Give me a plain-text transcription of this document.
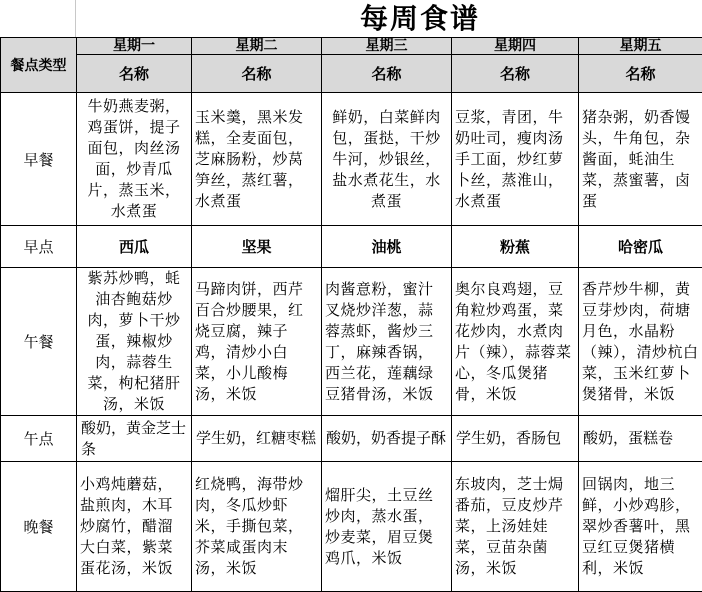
每周食谱
餐点类型	星期一	星期二	星期三	星期四	星期五
	名称	名称	名称	名称	名称
早餐	牛奶燕麦粥，鸡蛋饼，提子面包，肉丝汤面，炒青瓜片，蒸玉米，水煮蛋	玉米羹，黑米发糕，全麦面包，芝麻肠粉，炒莴笋丝，蒸红薯，水煮蛋	鲜奶，白菜鲜肉包，蛋挞，干炒牛河，炒银丝，盐水煮花生，水煮蛋	豆浆，青团，牛奶吐司，瘦肉汤手工面，炒红萝卜丝，蒸淮山，水煮蛋	猪杂粥，奶香馒头，牛角包，杂酱面，蚝油生菜，蒸蜜薯，卤蛋
早点	西瓜	坚果	油桃	粉蕉	哈密瓜
午餐	紫苏炒鸭，蚝油杏鲍菇炒肉，萝卜干炒蛋，辣椒炒肉，蒜蓉生菜，枸杞猪肝汤，米饭	马蹄肉饼，西芹百合炒腰果，红烧豆腐，辣子鸡，清炒小白菜，小儿酸梅汤，米饭	肉酱意粉，蜜汁叉烧炒洋葱，蒜蓉蒸虾，酱炒三丁，麻辣香锅，西兰花，莲藕绿豆猪骨汤，米饭	奥尔良鸡翅，豆角粒炒鸡蛋，菜花炒肉，水煮肉片（辣），蒜蓉菜心，冬瓜煲猪骨，米饭	香芹炒牛柳，黄豆芽炒肉，荷塘月色，水晶粉（辣），清炒杭白菜，玉米红萝卜煲猪骨，米饭
午点	酸奶，黄金芝士条	学生奶，红糖枣糕	酸奶，奶香提子酥	学生奶，香肠包	酸奶，蛋糕卷
晚餐	小鸡炖蘑菇，盐煎肉，木耳炒腐竹，醋溜大白菜，紫菜蛋花汤，米饭	红烧鸭，海带炒肉，冬瓜炒虾米，手撕包菜，芥菜咸蛋肉末汤，米饭	熘肝尖，土豆丝炒肉，蒸水蛋，炒麦菜，眉豆煲鸡爪，米饭	东坡肉，芝士焗番茄，豆皮炒芹菜，上汤娃娃菜，豆苗杂菌汤，米饭	回锅肉，地三鲜，小炒鸡胗，翠炒香薯叶，黑豆红豆煲猪横利，米饭
